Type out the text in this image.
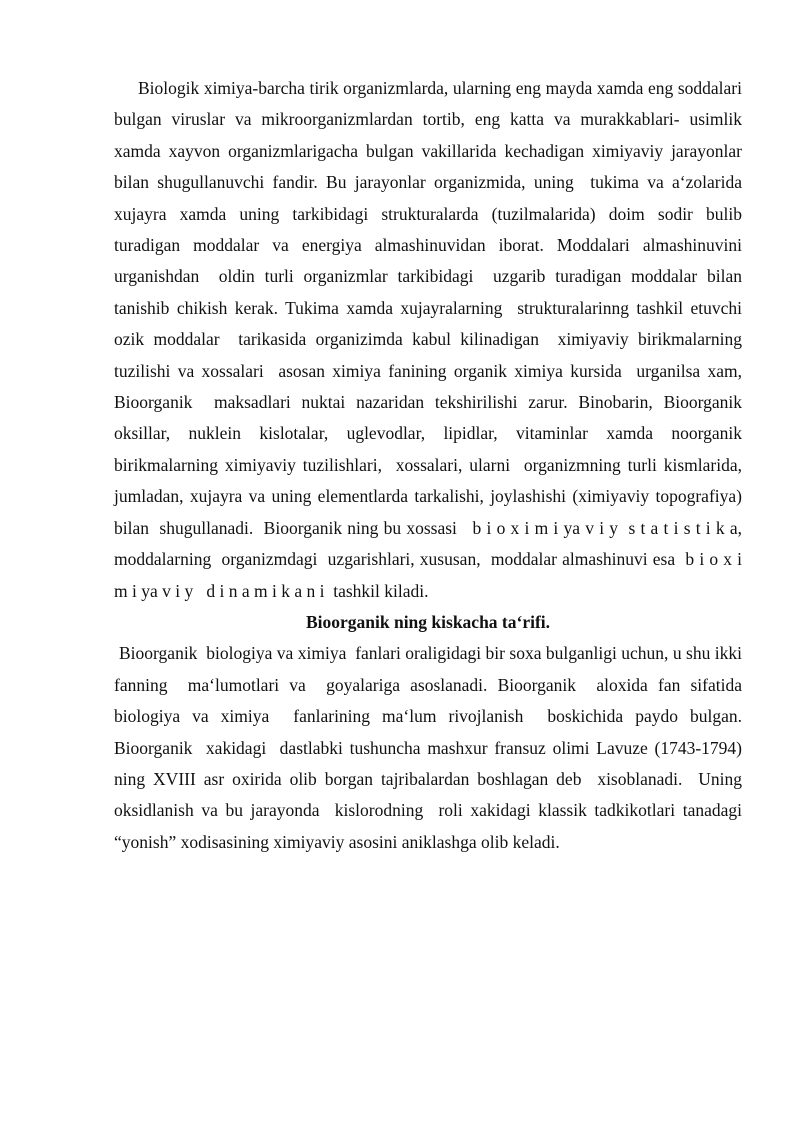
Biologik ximiya-barcha tirik organizmlarda, ularning eng mayda xamda eng soddalari bulgan viruslar va mikroorganizmlardan tortib, eng katta va murakkablari- usimlik xamda xayvon organizmlarigacha bulgan vakillarida kechadigan ximiyaviy jarayonlar bilan shugullanuvchi fandir. Bu jarayonlar organizmida, uning  tukima va a‘zolarida xujayra xamda uning tarkibidagi strukturalarda (tuzilmalarida) doim sodir bulib turadigan moddalar va energiya almashinuvidan iborat. Moddalari almashinuvini  urganishdan  oldin turli organizmlar tarkibidagi  uzgarib turadigan moddalar bilan   tanishib chikish kerak. Tukima xamda xujayralarning  strukturalarinng tashkil etuvchi ozik moddalar  tarikasida organizimda kabul kilinadigan  ximiyaviy birikmalarning  tuzilishi va xossalari  asosan ximiya fanining organik ximiya kursida  urganilsa xam, Bioorganik  maksadlari nuktai nazaridan tekshirilishi zarur. Binobarin, Bioorganik  oksillar, nuklein kislotalar, uglevodlar, lipidlar, vitaminlar xamda noorganik birikmalarning ximiyaviy tuzilishlari,  xossalari, ularni  organizmning turli kismlarida,  jumladan, xujayra va uning elementlarda tarkalishi, joylashishi (ximiyaviy topografiya) bilan  shugullanadi.  Bioorganik ning bu xossasi   b i o x i m i ya v i y  s t a t i s t i k a,  moddalarning  organizmdagi  uzgarishlari, xususan,  moddalar almashinuvi esa  b i o x i m i ya v i y   d i n a m i k a n i  tashkil kiladi.

Bioorganik ning kiskacha ta‘rifi.

Bioorganik  biologiya va ximiya  fanlari oraligidagi bir soxa bulganligi uchun, u shu ikki fanning  ma‘lumotlari va  goyalariga asoslanadi. Bioorganik  aloxida fan sifatida biologiya va ximiya  fanlarining ma‘lum rivojlanish  boskichida paydo bulgan.  Bioorganik  xakidagi  dastlabki tushuncha mashxur fransuz olimi Lavuze (1743-1794) ning XVIII asr oxirida olib borgan tajribalardan boshlagan deb  xisoblanadi.  Uning oksidlanish va bu jarayonda  kislorodning  roli xakidagi klassik tadkikotlari tanadagi “yonish” xodisasining ximiyaviy asosini aniklashga olib keladi.
